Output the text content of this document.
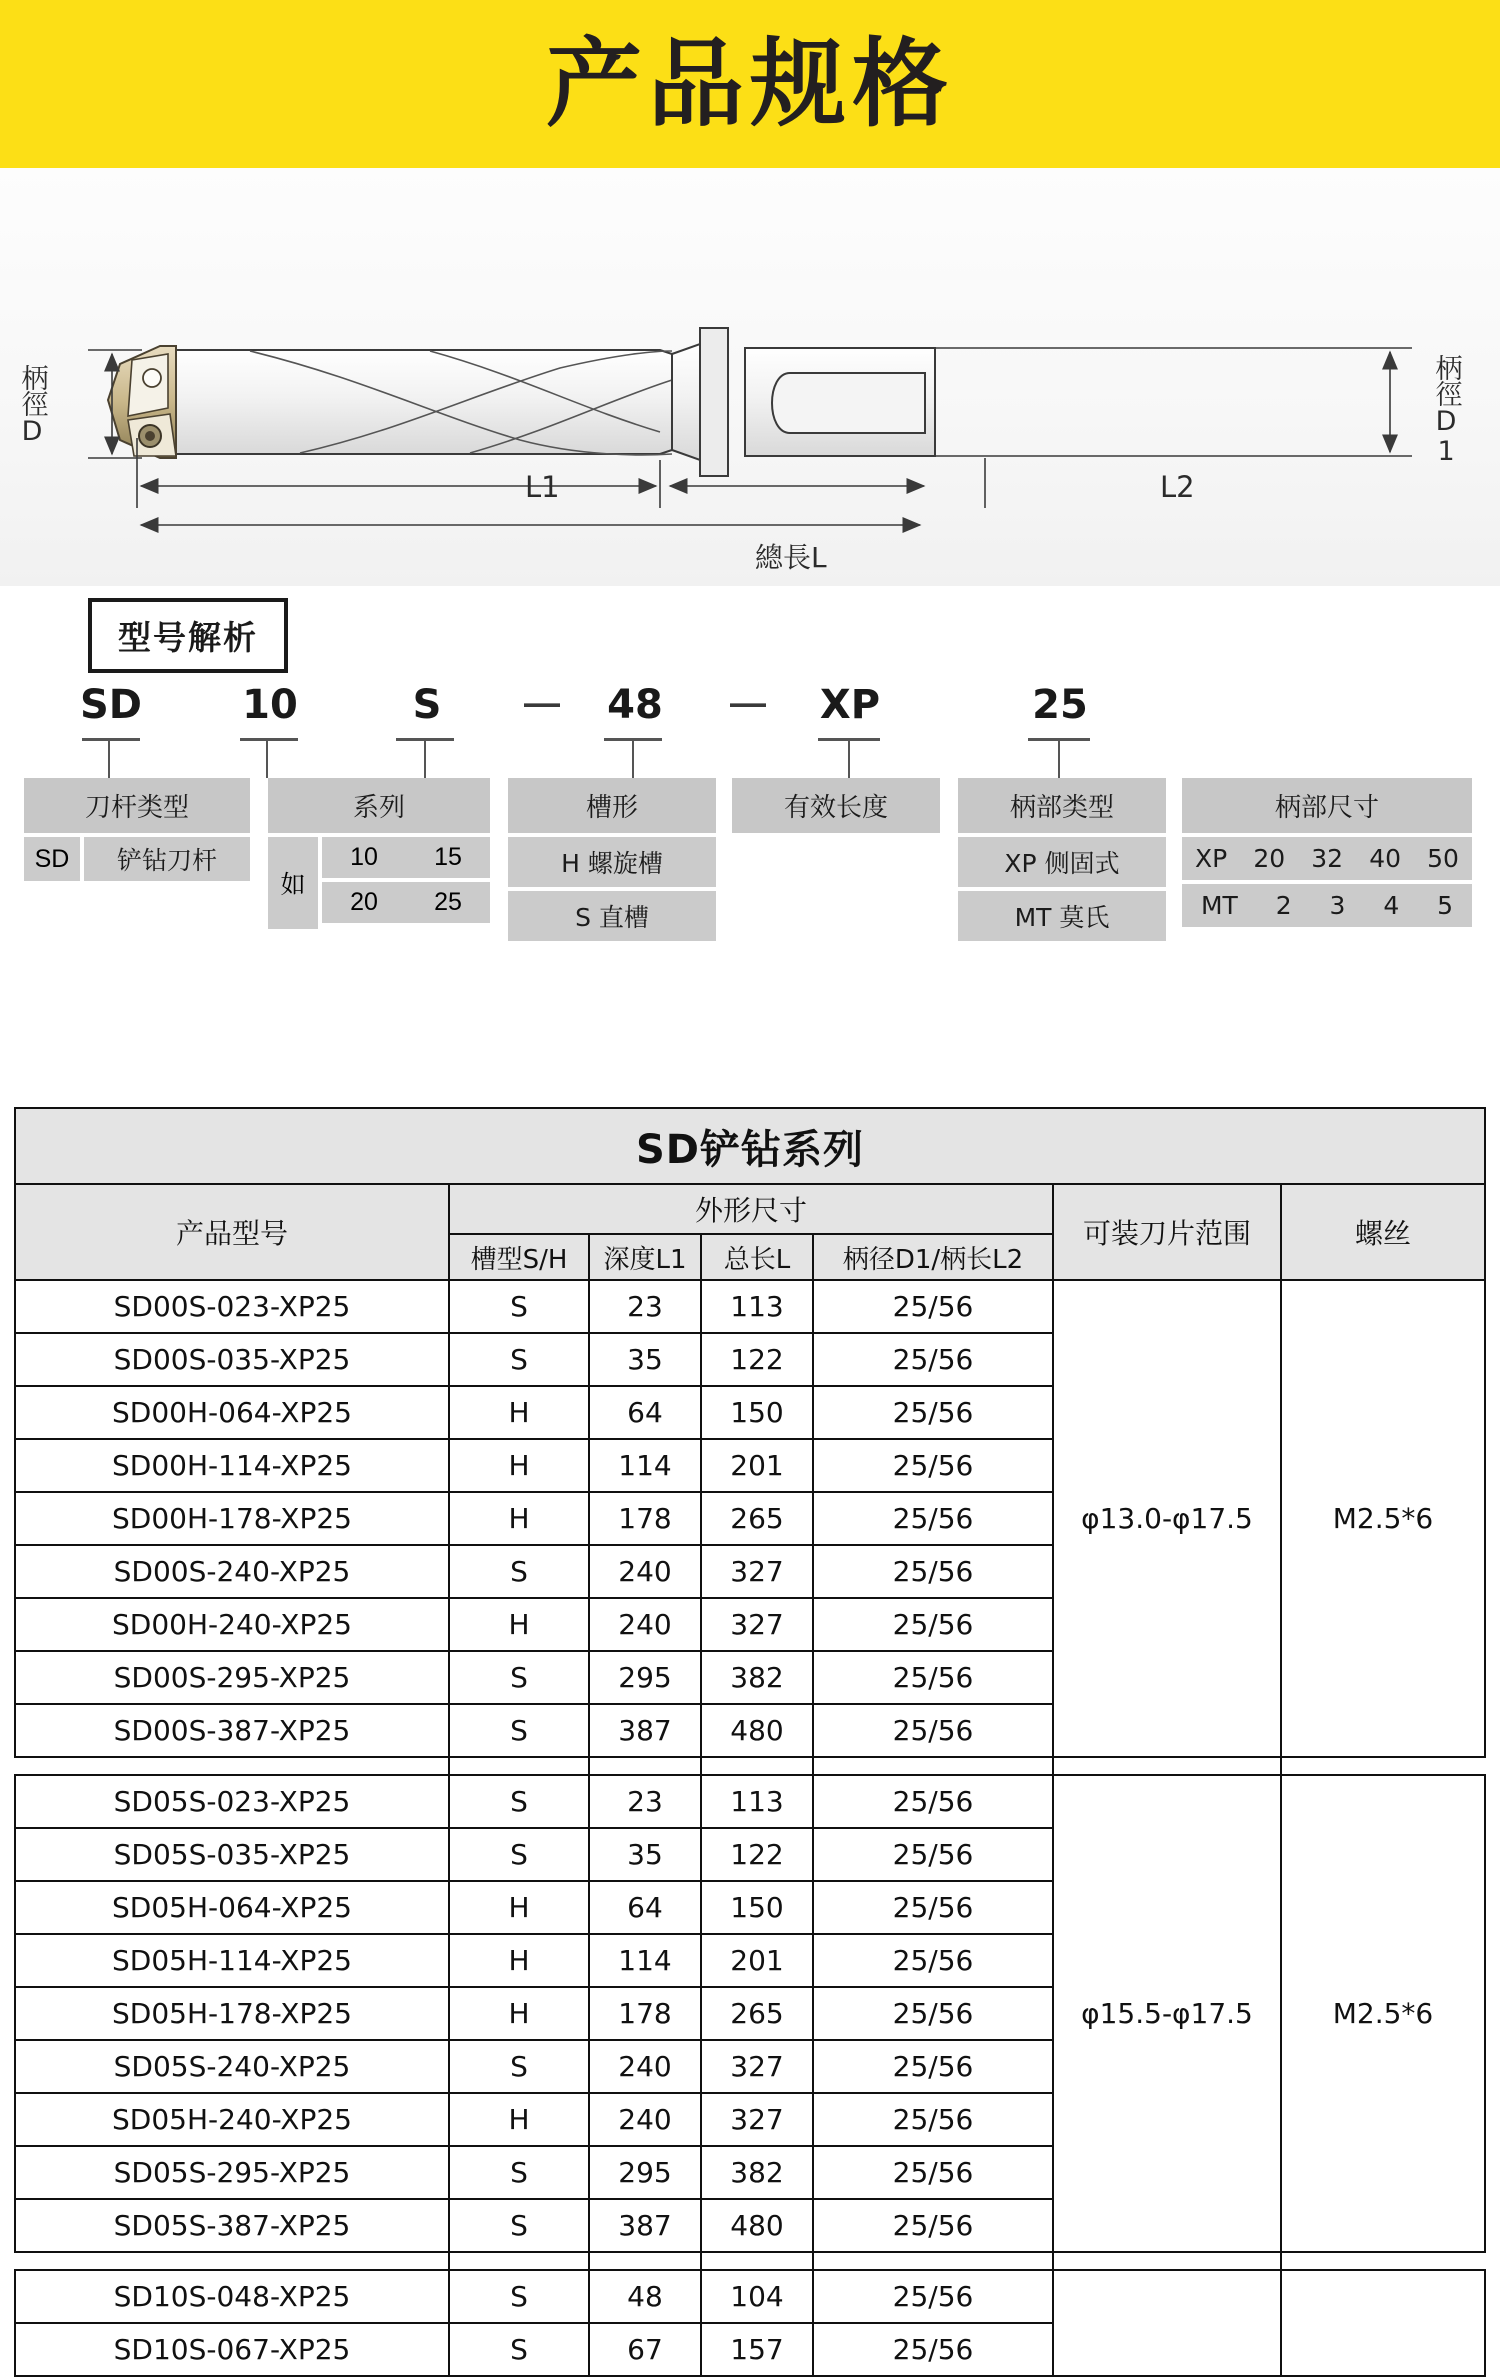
产品规格
柄徑D	柄徑D1
L1	L2
總長L
型号解析
SD	10	S	—	48	—	XP	25
刀杆类型
SD	铲钻刀杆
系列
如
10 15
20 25
槽形
H 螺旋槽
S 直槽
有效长度	柄部类型
XP 侧固式
MT 莫氏
柄部尺寸
XP 20 32 40 50
MT 2 3 4 5
SD铲钻系列						
产品型号	外形尺寸				可装刀片范围	螺丝
	槽型S/H	深度L1	总长L	柄径D1/柄长L2		
SD00S-023-XP25	S	23	113	25/56	φ13.0-φ17.5	M2.5*6
SD00S-035-XP25	S	35	122	25/56		
SD00H-064-XP25	H	64	150	25/56		
SD00H-114-XP25	H	114	201	25/56		
SD00H-178-XP25	H	178	265	25/56		
SD00S-240-XP25	S	240	327	25/56		
SD00H-240-XP25	H	240	327	25/56		
SD00S-295-XP25	S	295	382	25/56		
SD00S-387-XP25	S	387	480	25/56		

SD05S-023-XP25	S	23	113	25/56	φ15.5-φ17.5	M2.5*6
SD05S-035-XP25	S	35	122	25/56		
SD05H-064-XP25	H	64	150	25/56		
SD05H-114-XP25	H	114	201	25/56		
SD05H-178-XP25	H	178	265	25/56		
SD05S-240-XP25	S	240	327	25/56		
SD05H-240-XP25	H	240	327	25/56		
SD05S-295-XP25	S	295	382	25/56		
SD05S-387-XP25	S	387	480	25/56		

SD10S-048-XP25	S	48	104	25/56		
SD10S-067-XP25	S	67	157	25/56		
